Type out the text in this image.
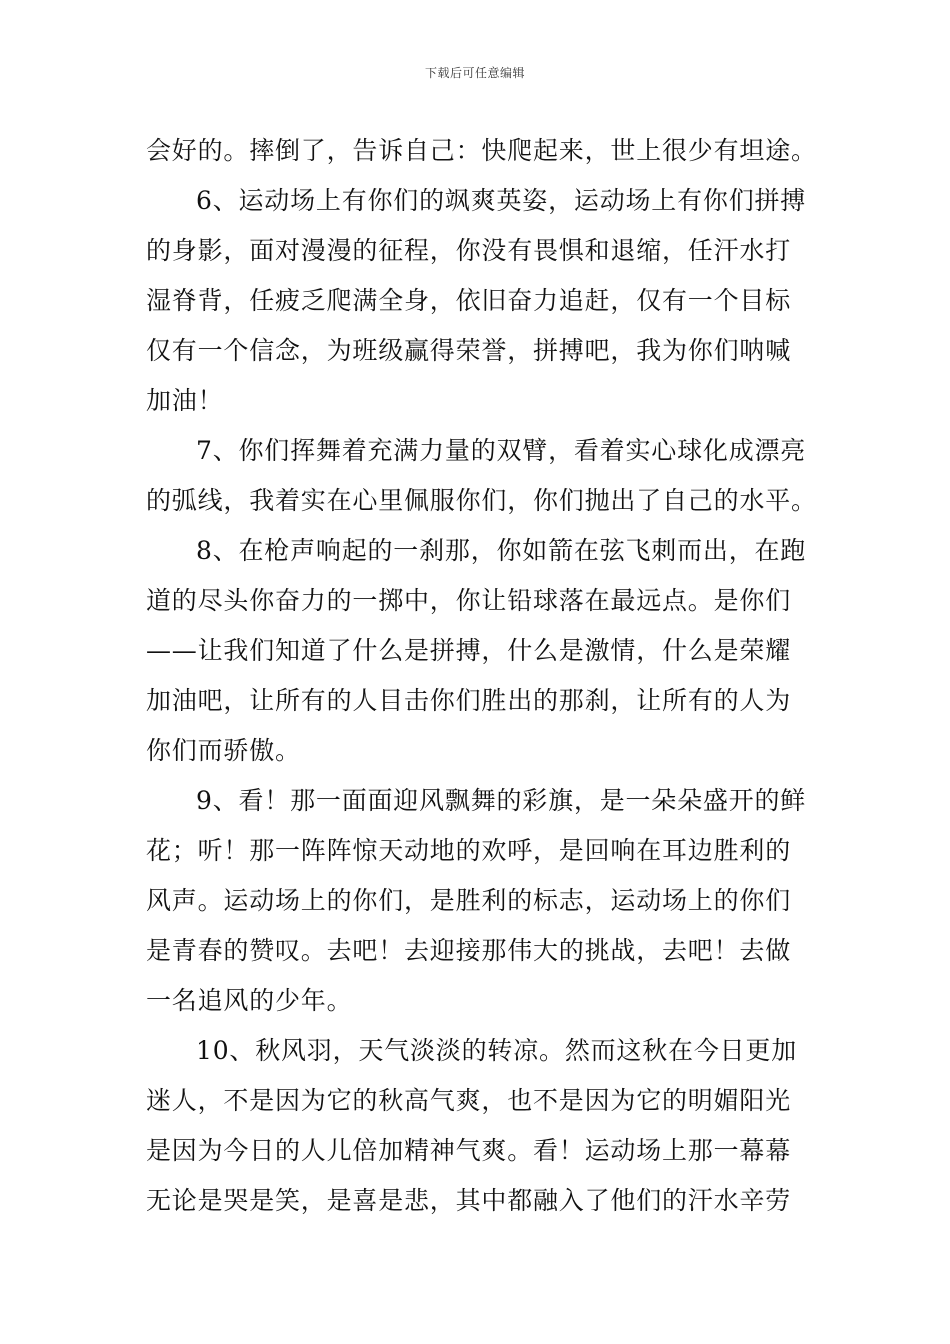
下载后可任意编辑
会好的。摔倒了，告诉自己：快爬起来，世上很少有坦途。
6、运动场上有你们的飒爽英姿，运动场上有你们拼搏
的身影，面对漫漫的征程，你没有畏惧和退缩，任汗水打
湿脊背，任疲乏爬满全身，依旧奋力追赶，仅有一个目标
仅有一个信念，为班级赢得荣誉，拼搏吧，我为你们呐喊
加油！
7、你们挥舞着充满力量的双臂，看着实心球化成漂亮
的弧线，我着实在心里佩服你们，你们抛出了自己的水平。
8、在枪声响起的一刹那，你如箭在弦飞刺而出，在跑
道的尽头你奋力的一掷中，你让铅球落在最远点。是你们
——让我们知道了什么是拼搏，什么是激情，什么是荣耀
加油吧，让所有的人目击你们胜出的那刹，让所有的人为
你们而骄傲。
9、看！那一面面迎风飘舞的彩旗，是一朵朵盛开的鲜
花；听！那一阵阵惊天动地的欢呼，是回响在耳边胜利的
风声。运动场上的你们，是胜利的标志，运动场上的你们
是青春的赞叹。去吧！去迎接那伟大的挑战，去吧！去做
一名追风的少年。
10、秋风羽，天气淡淡的转凉。然而这秋在今日更加
迷人，不是因为它的秋高气爽，也不是因为它的明媚阳光
是因为今日的人儿倍加精神气爽。看！运动场上那一幕幕
无论是哭是笑，是喜是悲，其中都融入了他们的汗水辛劳
